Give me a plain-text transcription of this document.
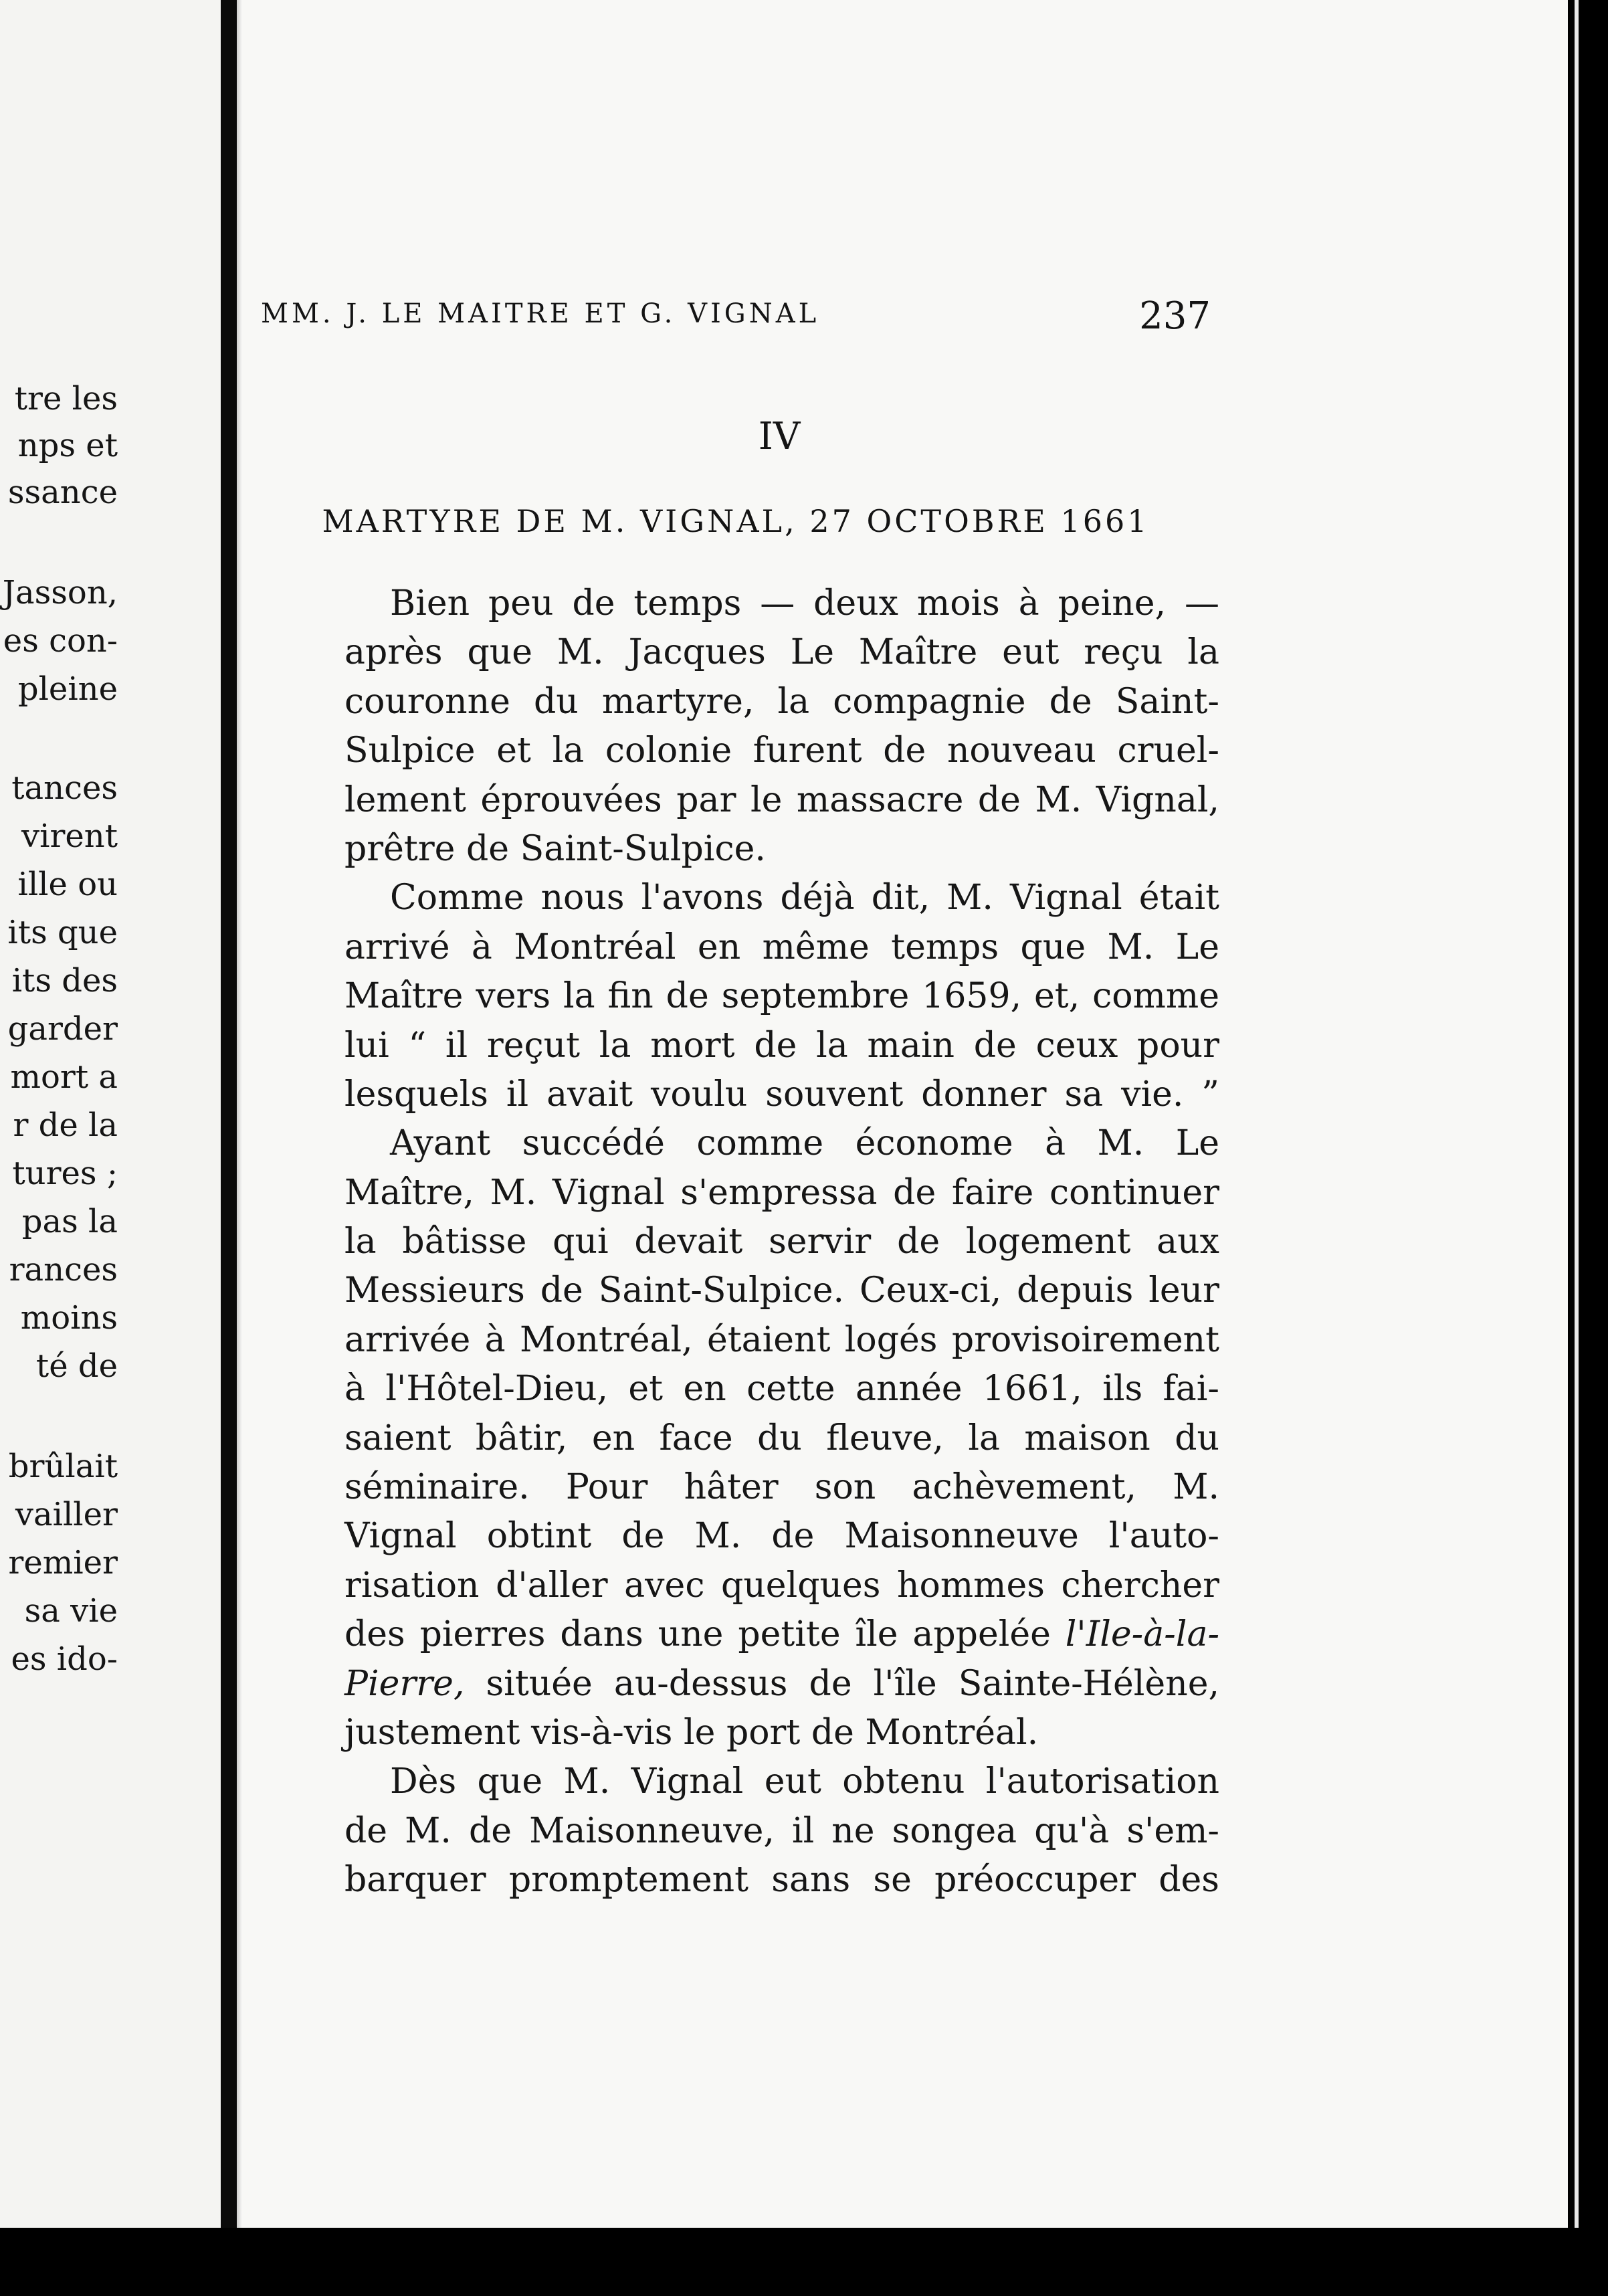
tre les
nps et
ssance
Jasson,
es con-
pleine
tances
virent
ille ou
its que
its des
garder
mort a
r de la
tures ;
pas la
rances
moins
té de
brûlait
vailler
remier
sa vie
es ido-
MM. J. LE MAITRE ET G. VIGNAL	237
IV
MARTYRE DE M. VIGNAL, 27 OCTOBRE 1661
Bien peu de temps — deux mois à peine, —
après que M. Jacques Le Maître eut reçu la
couronne du martyre, la compagnie de Saint-
Sulpice et la colonie furent de nouveau cruel-
lement éprouvées par le massacre de M. Vignal,
prêtre de Saint-Sulpice.
Comme nous l'avons déjà dit, M. Vignal était
arrivé à Montréal en même temps que M. Le
Maître vers la fin de septembre 1659, et, comme
lui “ il reçut la mort de la main de ceux pour
lesquels il avait voulu souvent donner sa vie. ”
Ayant succédé comme économe à M. Le
Maître, M. Vignal s'empressa de faire continuer
la bâtisse qui devait servir de logement aux
Messieurs de Saint-Sulpice. Ceux-ci, depuis leur
arrivée à Montréal, étaient logés provisoirement
à l'Hôtel-Dieu, et en cette année 1661, ils fai-
saient bâtir, en face du fleuve, la maison du
séminaire. Pour hâter son achèvement, M.
Vignal obtint de M. de Maisonneuve l'auto-
risation d'aller avec quelques hommes chercher
des pierres dans une petite île appelée l'Ile-à-la-
Pierre, située au-dessus de l'île Sainte-Hélène,
justement vis-à-vis le port de Montréal.
Dès que M. Vignal eut obtenu l'autorisation
de M. de Maisonneuve, il ne songea qu'à s'em-
barquer promptement sans se préoccuper des
